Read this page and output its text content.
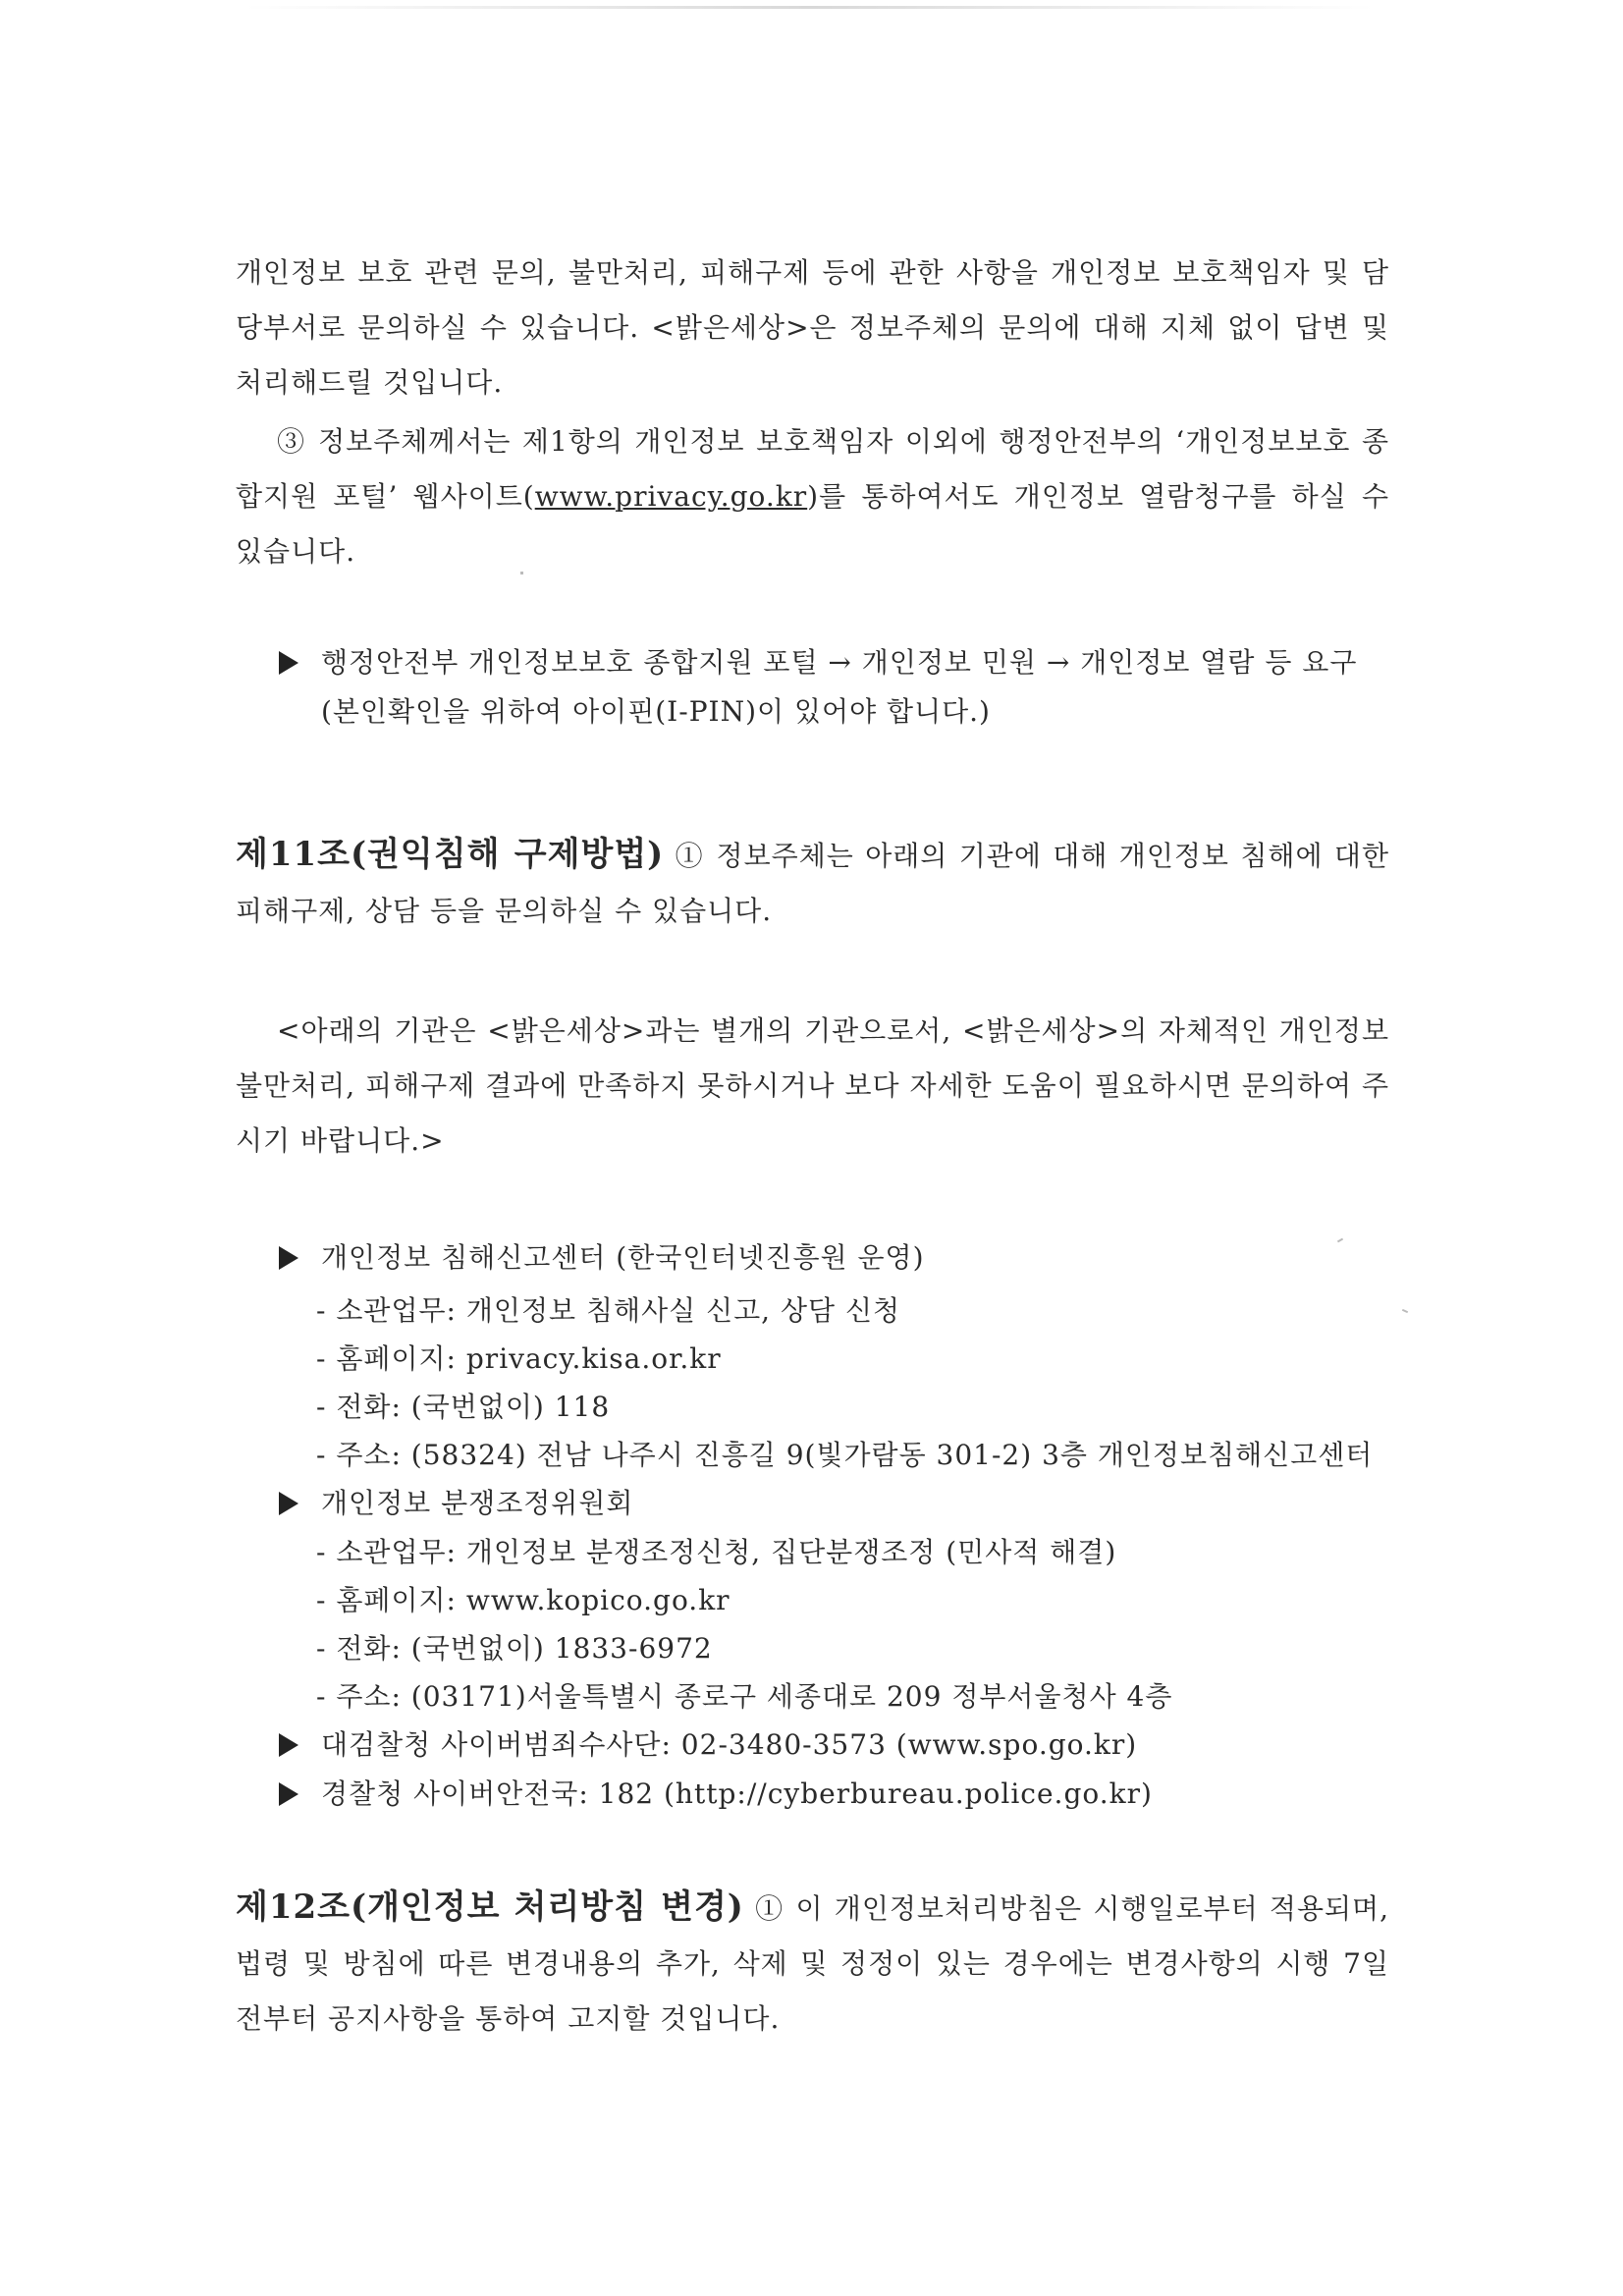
개인정보 보호 관련 문의, 불만처리, 피해구제 등에 관한 사항을 개인정보 보호책임자 및 담당부서로 문의하실 수 있습니다. <밝은세상>은 정보주체의 문의에 대해 지체 없이 답변 및 처리해드릴 것입니다.

③ 정보주체께서는 제1항의 개인정보 보호책임자 이외에 행정안전부의 ‘개인정보보호 종합지원 포털’ 웹사이트(www.privacy.go.kr)를 통하여서도 개인정보 열람청구를 하실 수 있습니다.

행정안전부 개인정보보호 종합지원 포털 → 개인정보 민원 → 개인정보 열람 등 요구 (본인확인을 위하여 아이핀(I-PIN)이 있어야 합니다.)

제11조(권익침해 구제방법) ① 정보주체는 아래의 기관에 대해 개인정보 침해에 대한 피해구제, 상담 등을 문의하실 수 있습니다.

<아래의 기관은 <밝은세상>과는 별개의 기관으로서, <밝은세상>의 자체적인 개인정보 불만처리, 피해구제 결과에 만족하지 못하시거나 보다 자세한 도움이 필요하시면 문의하여 주시기 바랍니다.>

개인정보 침해신고센터 (한국인터넷진흥원 운영)

- 소관업무: 개인정보 침해사실 신고, 상담 신청

- 홈페이지: privacy.kisa.or.kr

- 전화: (국번없이) 118

- 주소: (58324) 전남 나주시 진흥길 9(빛가람동 301-2) 3층 개인정보침해신고센터

개인정보 분쟁조정위원회

- 소관업무: 개인정보 분쟁조정신청, 집단분쟁조정 (민사적 해결)

- 홈페이지: www.kopico.go.kr

- 전화: (국번없이) 1833-6972

- 주소: (03171)서울특별시 종로구 세종대로 209 정부서울청사 4층

대검찰청 사이버범죄수사단: 02-3480-3573 (www.spo.go.kr)
경찰청 사이버안전국: 182 (http://cyberbureau.police.go.kr)

제12조(개인정보 처리방침 변경) ① 이 개인정보처리방침은 시행일로부터 적용되며, 법령 및 방침에 따른 변경내용의 추가, 삭제 및 정정이 있는 경우에는 변경사항의 시행 7일 전부터 공지사항을 통하여 고지할 것입니다.
